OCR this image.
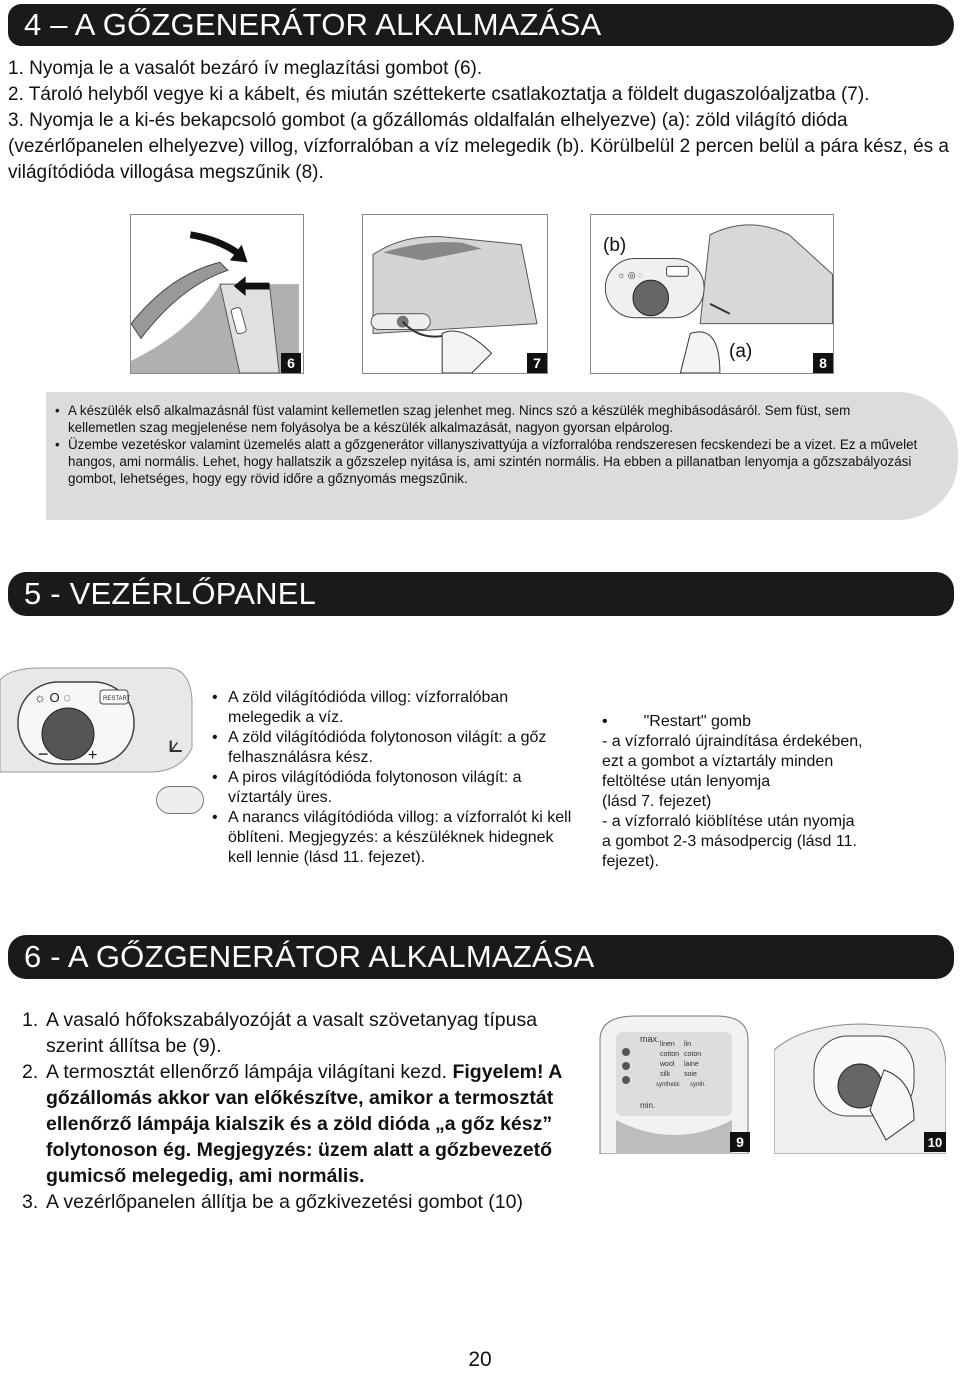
4 – A GŐZGENERÁTOR ALKALMAZÁSA
1. Nyomja le a vasalót bezáró ív meglazítási gombot (6).
2. Tároló helyből vegye ki a kábelt, és miután széttekerte csatlakoztatja a földelt dugaszolóaljzatba (7).
3. Nyomja le a ki-és bekapcsoló gombot (a gőzállomás oldalfalán elhelyezve) (a): zöld világító dióda (vezérlőpanelen elhelyezve) villog, vízforralóban a víz melegedik (b). Körülbelül 2 percen belül a pára kész, és a világítódióda villogása megszűnik (8).
6	7
☼ ◎ ◌
8
(b)
(a)
• A készülék első alkalmazásnál füst valamint kellemetlen szag jelenhet meg. Nincs szó a készülék meghibásodásáról. Sem füst, sem kellemetlen szag megjelenése nem folyásolya be a készülék alkalmazását, nagyon gyorsan elpárolog.
• Üzembe vezetéskor valamint üzemelés alatt a gőzgenerátor villanyszivattyúja a vízforralóba rendszeresen fecskendezi be a vizet. Ez a művelet hangos, ami normális. Lehet, hogy hallatszik a gőzszelep nyitása is, ami szintén normális. Ha ebben a pillanatban lenyomja a gőzszabályozási gombot, lehetséges, hogy egy rövid időre a gőznyomás megszűnik.
5 - VEZÉRLŐPANEL
☼ O ◌	RESTART
− +	⟀
• A zöld világítódióda villog: vízforralóban melegedik a víz.
• A zöld világítódióda folytonoson világít: a gőz felhasználásra kész.
• A piros világítódióda folytonoson világít: a víztartály üres.
• A narancs világítódióda villog: a vízforralót ki kell öblíteni. Megjegyzés: a készüléknek hidegnek kell lennie (lásd 11. fejezet).
• "Restart" gomb
- a vízforraló újraindítása érdekében,
ezt a gombot a víztartály minden
feltöltése után lenyomja
(lásd 7. fejezet)
- a vízforraló kiöblítése után nyomja
a gombot 2-3 másodpercig (lásd 11.
fejezet).
6 - A GŐZGENERÁTOR ALKALMAZÁSA
1. A vasaló hőfokszabályozóját a vasalt szövetanyag típusa szerint állítsa be (9).
2. A termosztát ellenőrző lámpája világítani kezd. Figyelem! A gőzállomás akkor van előkészítve, amikor a termosztát ellenőrző lámpája kialszik és a zöld dióda „a gőz kész” folytonoson ég. Megjegyzés: üzem alatt a gőzbevezető gumicső melegedig, ami normális.
3. A vezérlőpanelen állítja be a gőzkivezetési gombot (10)
max.
linen lin
cotton coton
wool laine
silk soie
synthetic synth.
min.
9	10
20
